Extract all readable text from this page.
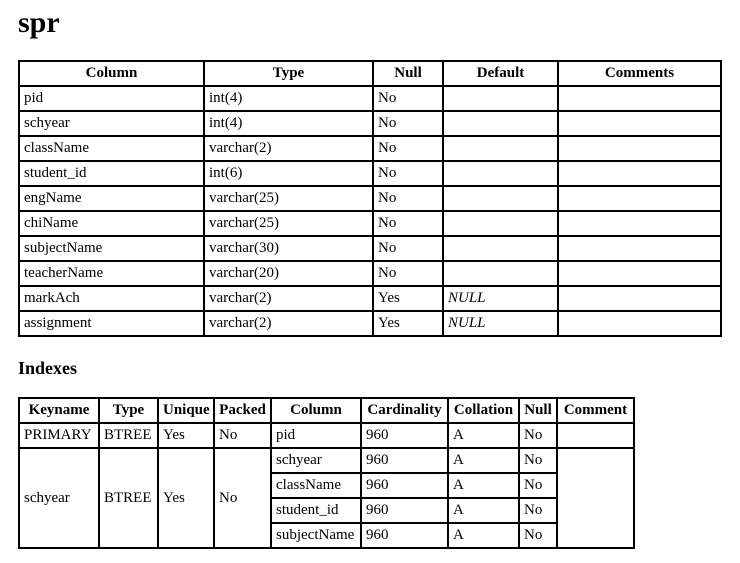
spr
Column	Type	Null	Default	Comments
pid	int(4)	No		
schyear	int(4)	No		
className	varchar(2)	No		
student_id	int(6)	No		
engName	varchar(25)	No		
chiName	varchar(25)	No		
subjectName	varchar(30)	No		
teacherName	varchar(20)	No		
markAch	varchar(2)	Yes	NULL	
assignment	varchar(2)	Yes	NULL	
Indexes
Keyname	Type	Unique	Packed	Column	Cardinality	Collation	Null	Comment
PRIMARY	BTREE	Yes	No	pid	960	A	No	
schyear	BTREE	Yes	No	schyear	960	A	No	
				className	960	A	No	
				student_id	960	A	No	
				subjectName	960	A	No	
